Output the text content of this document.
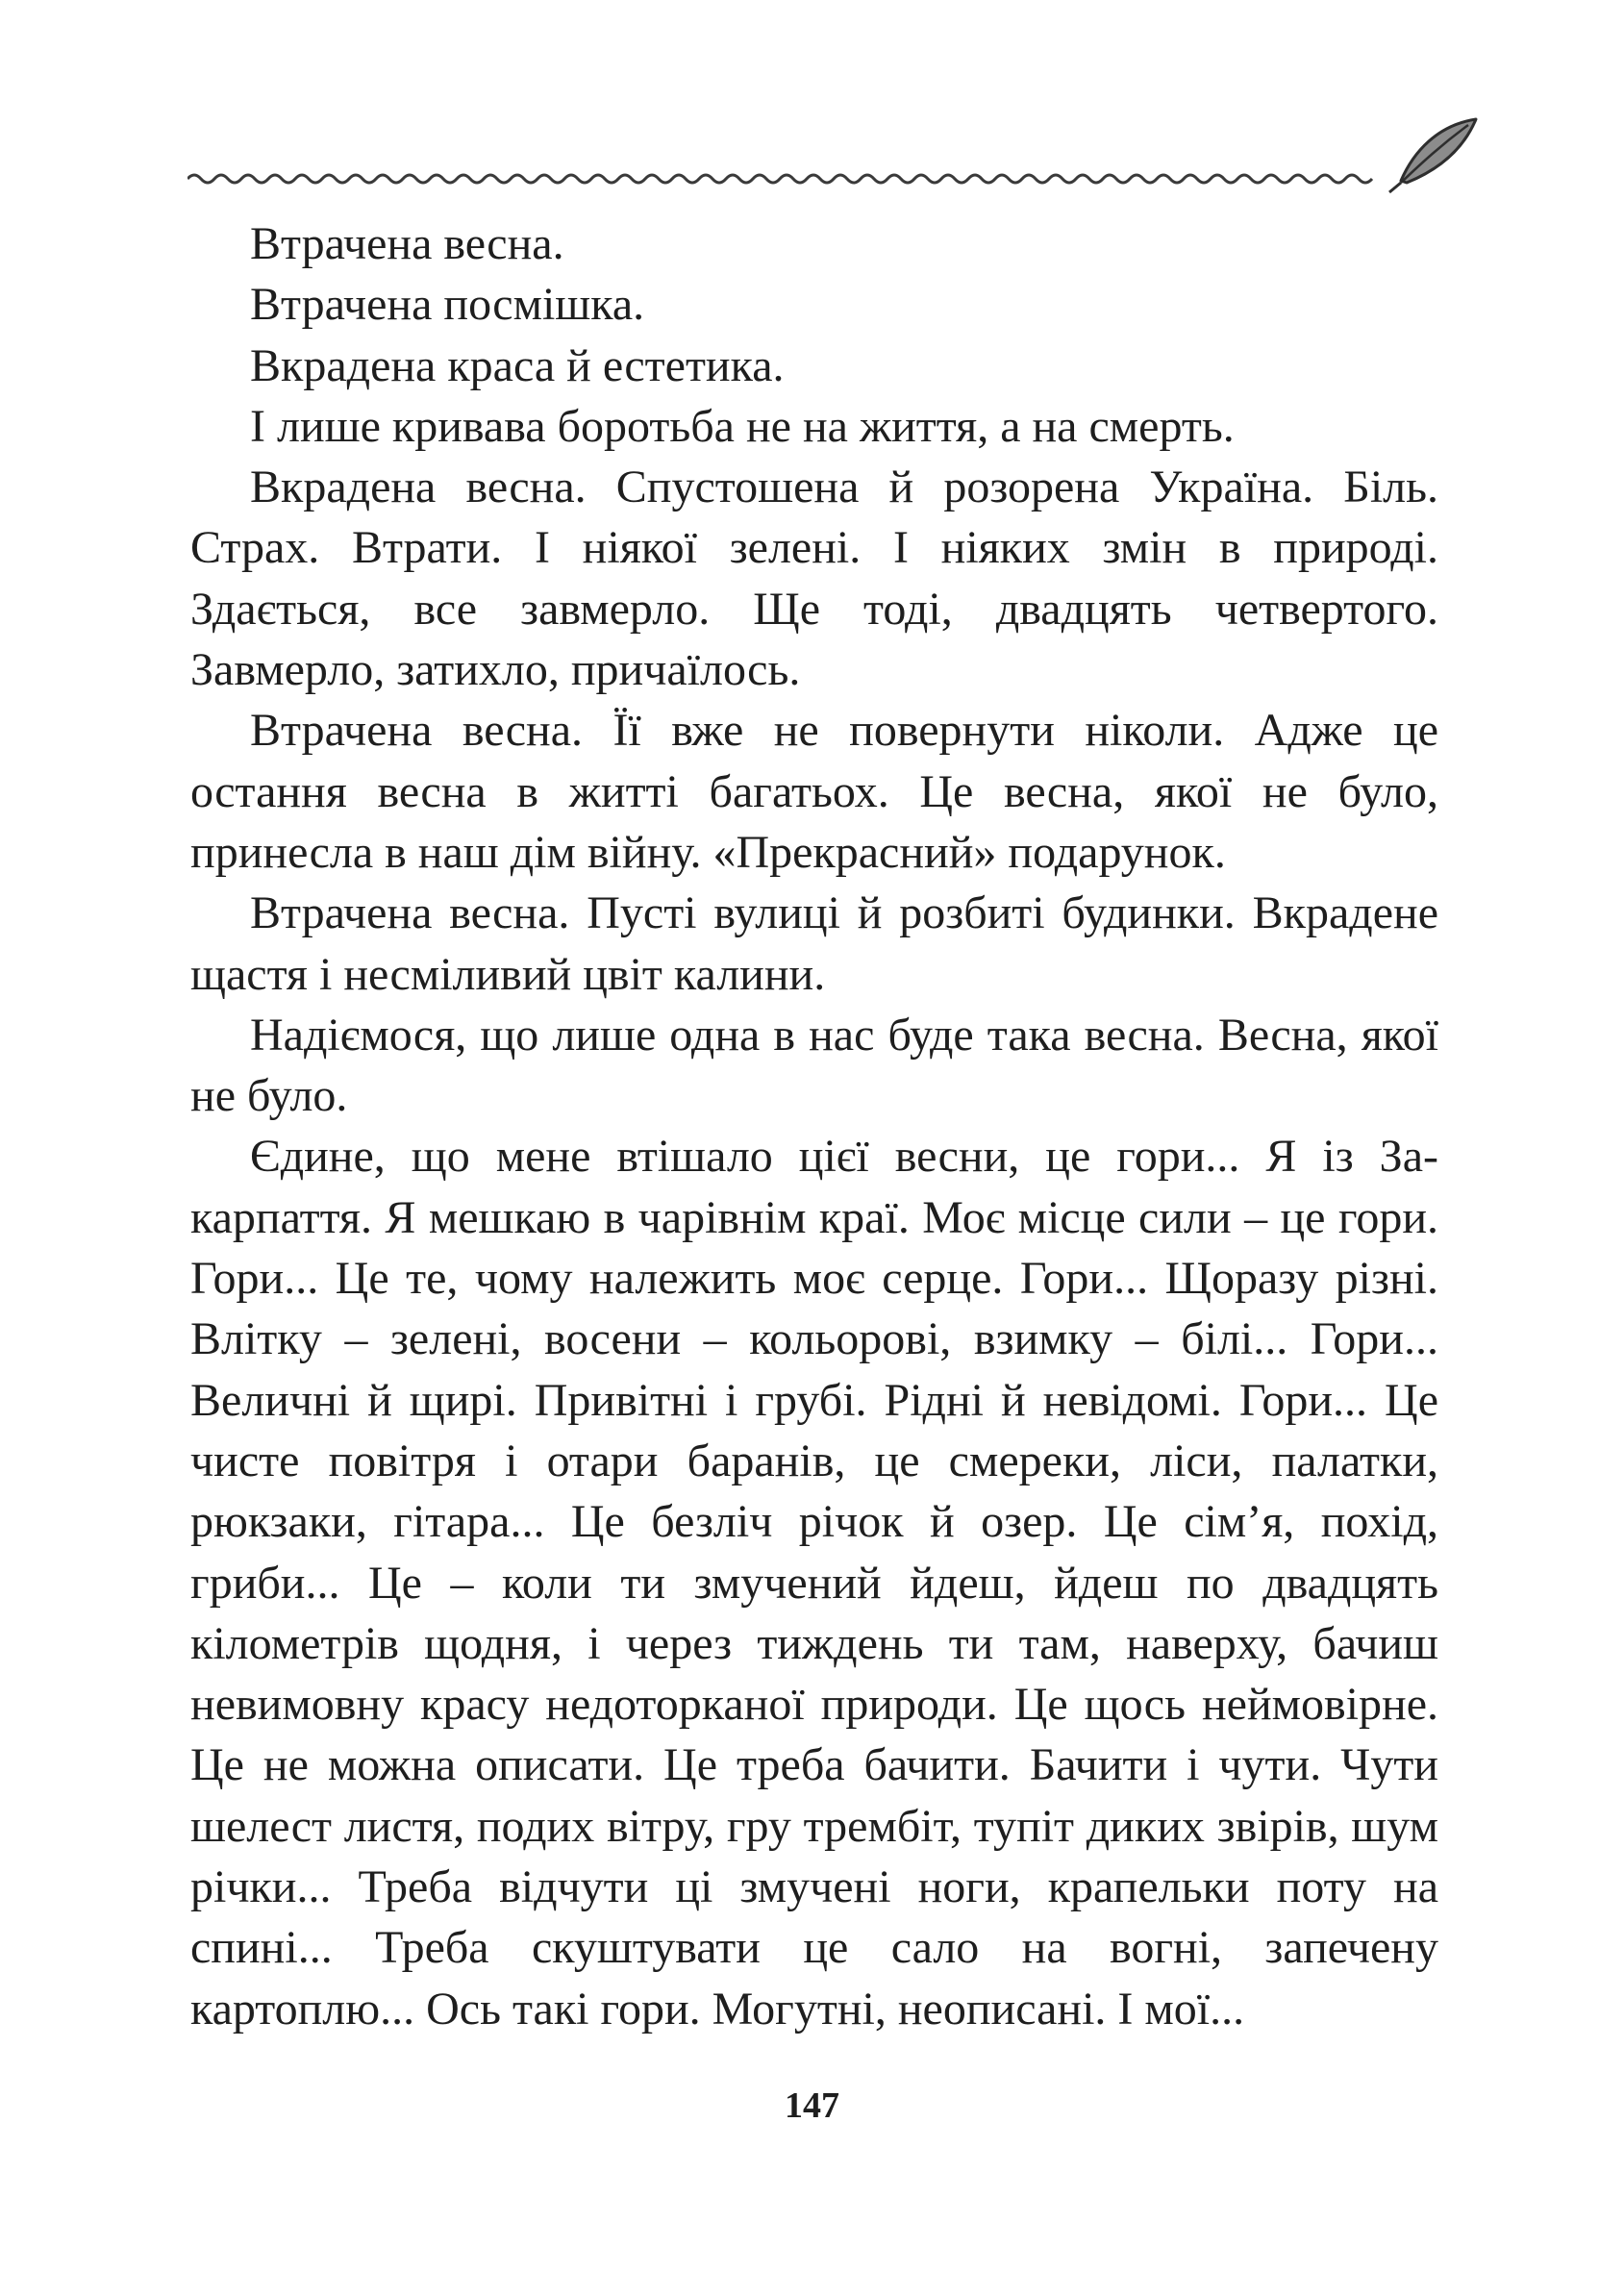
Втрачена весна.

Втрачена посмішка.

Вкрадена краса й естетика.

І лише кривава боротьба не на життя, а на смерть.

Вкрадена весна. Спустошена й розорена Україна. Біль. Страх. Втрати. І ніякої зелені. І ніяких змін в природі. Здається, все завмерло. Ще тоді, двадцять четвертого. Завмерло, затихло, причаїлось.

Втрачена весна. Її вже не повернути ніколи. Адже це остання весна в житті багатьох. Це весна, якої не було, принесла в наш дім війну. «Прекрасний» подарунок.

Втрачена весна. Пусті вулиці й розбиті будинки. Вкрадене щастя і несміливий цвіт калини.

Надіємося, що лише одна в нас буде така весна. Весна, якої не було.

Єдине, що мене втішало цієї весни, це гори... Я із Закарпаття. Я мешкаю в чарівнім краї. Моє місце сили – це гори. Гори... Це те, чому належить моє серце. Гори... Щоразу різні. Влітку – зелені, восени – кольорові, взимку – білі... Гори... Величні й щирі. Привітні і грубі. Рідні й невідомі. Гори... Це чисте повітря і отари баранів, це смереки, ліси, палатки, рюкзаки, гітара... Це безліч річок й озер. Це сім’я, похід, гриби... Це – коли ти змучений йдеш, йдеш по двадцять кілометрів щодня, і через тиждень ти там, наверху, бачиш невимовну красу недоторканої природи. Це щось неймовірне. Це не можна описати. Це треба бачити. Бачити і чути. Чути шелест листя, подих вітру, гру трембіт, тупіт диких звірів, шум річки... Треба відчути ці змучені ноги, крапельки поту на спині... Треба скуштувати це сало на вогні, запечену картоплю... Ось такі гори. Могутні, неописані. І мої...

147
